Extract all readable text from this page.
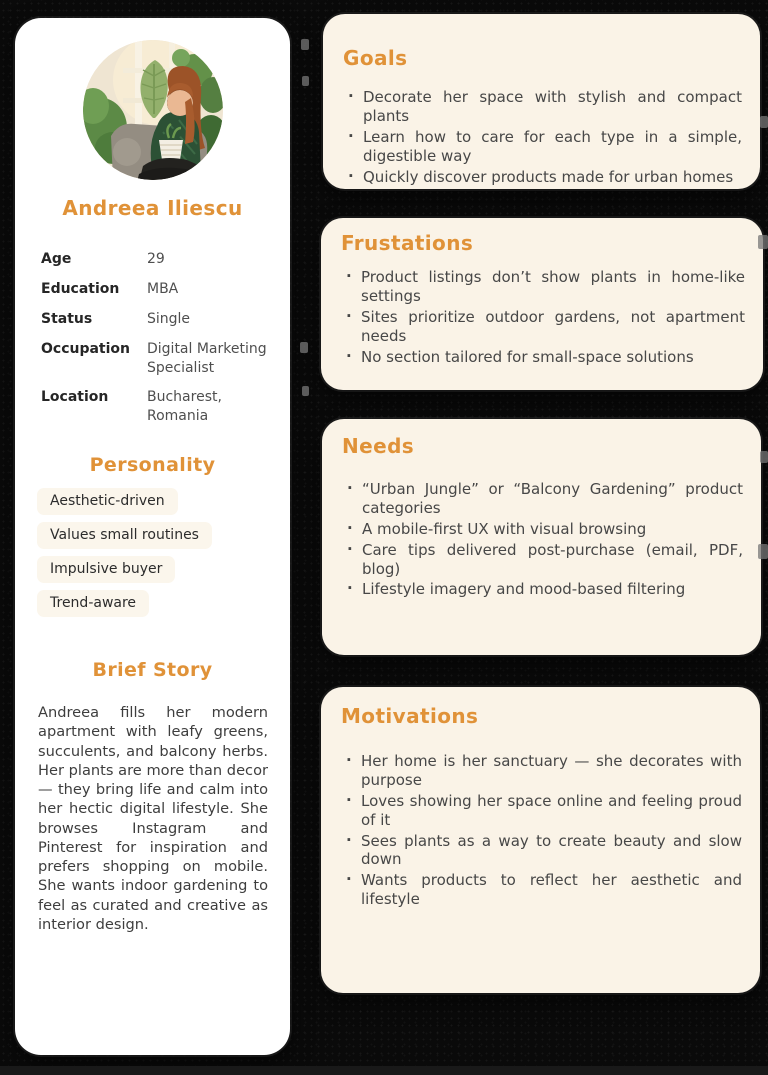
Andreea Iliescu
Age	29
Education	MBA
Status	Single
Occupation	Digital Marketing Specialist
Location	Bucharest, Romania
Personality
Aesthetic-driven
Values small routines
Impulsive buyer
Trend-aware
Brief Story

Andreea fills her modern apartment with leafy greens, succulents, and balcony herbs. Her plants are more than decor — they bring life and calm into her hectic digital lifestyle. She browses Instagram and Pinterest for inspiration and prefers shopping on mobile. She wants indoor gardening to feel as curated and creative as interior design.

Goals
· Decorate her space with stylish and compact plants
· Learn how to care for each type in a simple, digestible way
· Quickly discover products made for urban homes
Frustations
· Product listings don’t show plants in home-like settings
· Sites prioritize outdoor gardens, not apartment needs
· No section tailored for small-space solutions
Needs
· “Urban Jungle” or “Balcony Gardening” product categories
· A mobile-first UX with visual browsing
· Care tips delivered post-purchase (email, PDF, blog)
· Lifestyle imagery and mood-based filtering
Motivations
· Her home is her sanctuary — she decorates with purpose
· Loves showing her space online and feeling proud of it
· Sees plants as a way to create beauty and slow down
· Wants products to reflect her aesthetic and lifestyle
